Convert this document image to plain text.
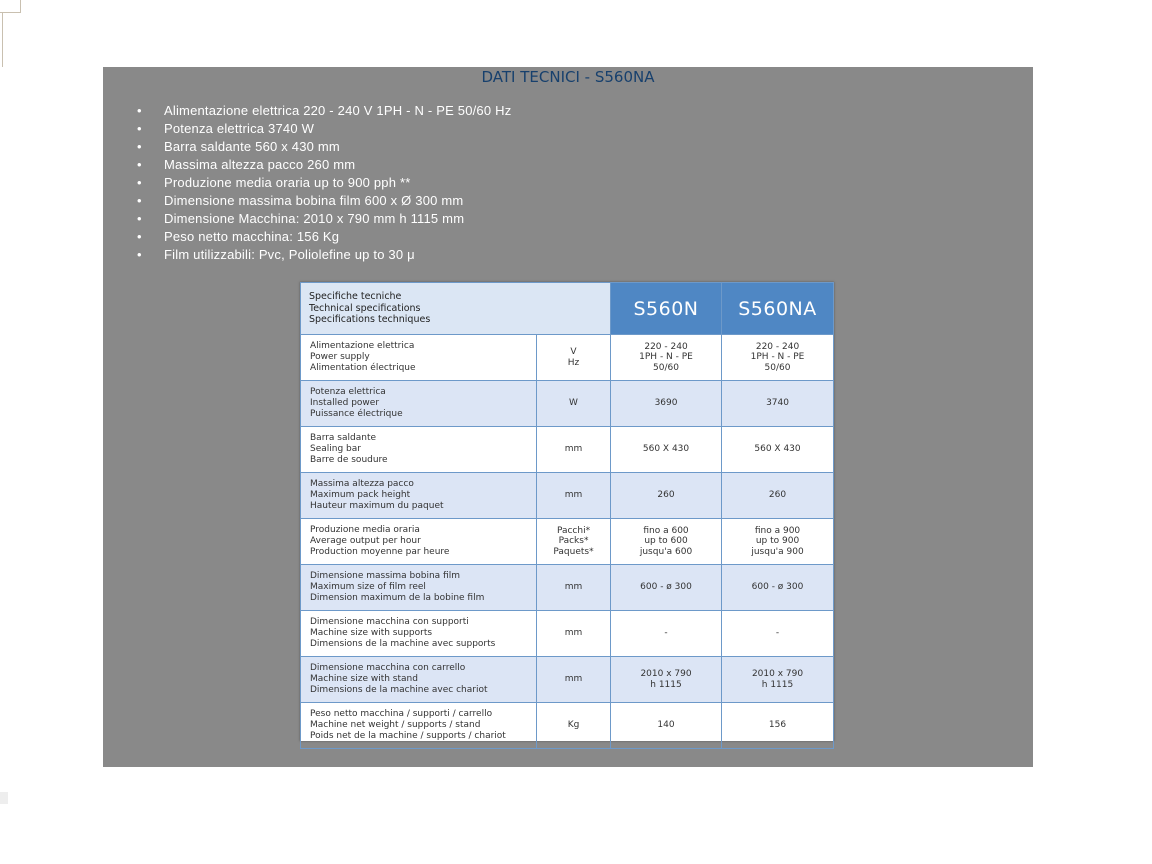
DATI TECNICI - S560NA
• Alimentazione elettrica 220 - 240 V 1PH - N - PE 50/60 Hz
• Potenza elettrica 3740 W
• Barra saldante 560 x 430 mm
• Massima altezza pacco 260 mm
• Produzione media oraria up to 900 pph **
• Dimensione massima bobina film 600 x Ø 300 mm
• Dimensione Macchina: 2010 x 790 mm h 1115 mm
• Peso netto macchina: 156 Kg
• Film utilizzabili: Pvc, Poliolefine up to 30 μ
Specifiche tecniche
Technical specifications
Specifications techniques		S560N	S560NA

Alimentazione elettrica
Power supply
Alimentation électrique	V
Hz	220 - 240
1PH - N - PE
50/60	220 - 240
1PH - N - PE
50/60

Potenza elettrica
Installed power
Puissance électrique	W	3690	3740

Barra saldante
Sealing bar
Barre de soudure	mm	560 X 430	560 X 430

Massima altezza pacco
Maximum pack height
Hauteur maximum du paquet	mm	260	260

Produzione media oraria
Average output per hour
Production moyenne par heure	Pacchi*
Packs*
Paquets*	fino a 600
up to 600
jusqu'a 600	fino a 900
up to 900
jusqu'a 900

Dimensione massima bobina film
Maximum size of film reel
Dimension maximum de la bobine film	mm	600 - ø 300	600 - ø 300

Dimensione macchina con supporti
Machine size with supports
Dimensions de la machine avec supports	mm	-	-

Dimensione macchina con carrello
Machine size with stand
Dimensions de la machine avec chariot	mm	2010 x 790
h 1115	2010 x 790
h 1115

Peso netto macchina / supporti / carrello
Machine net weight / supports / stand
Poids net de la machine / supports / chariot	Kg	140	156
